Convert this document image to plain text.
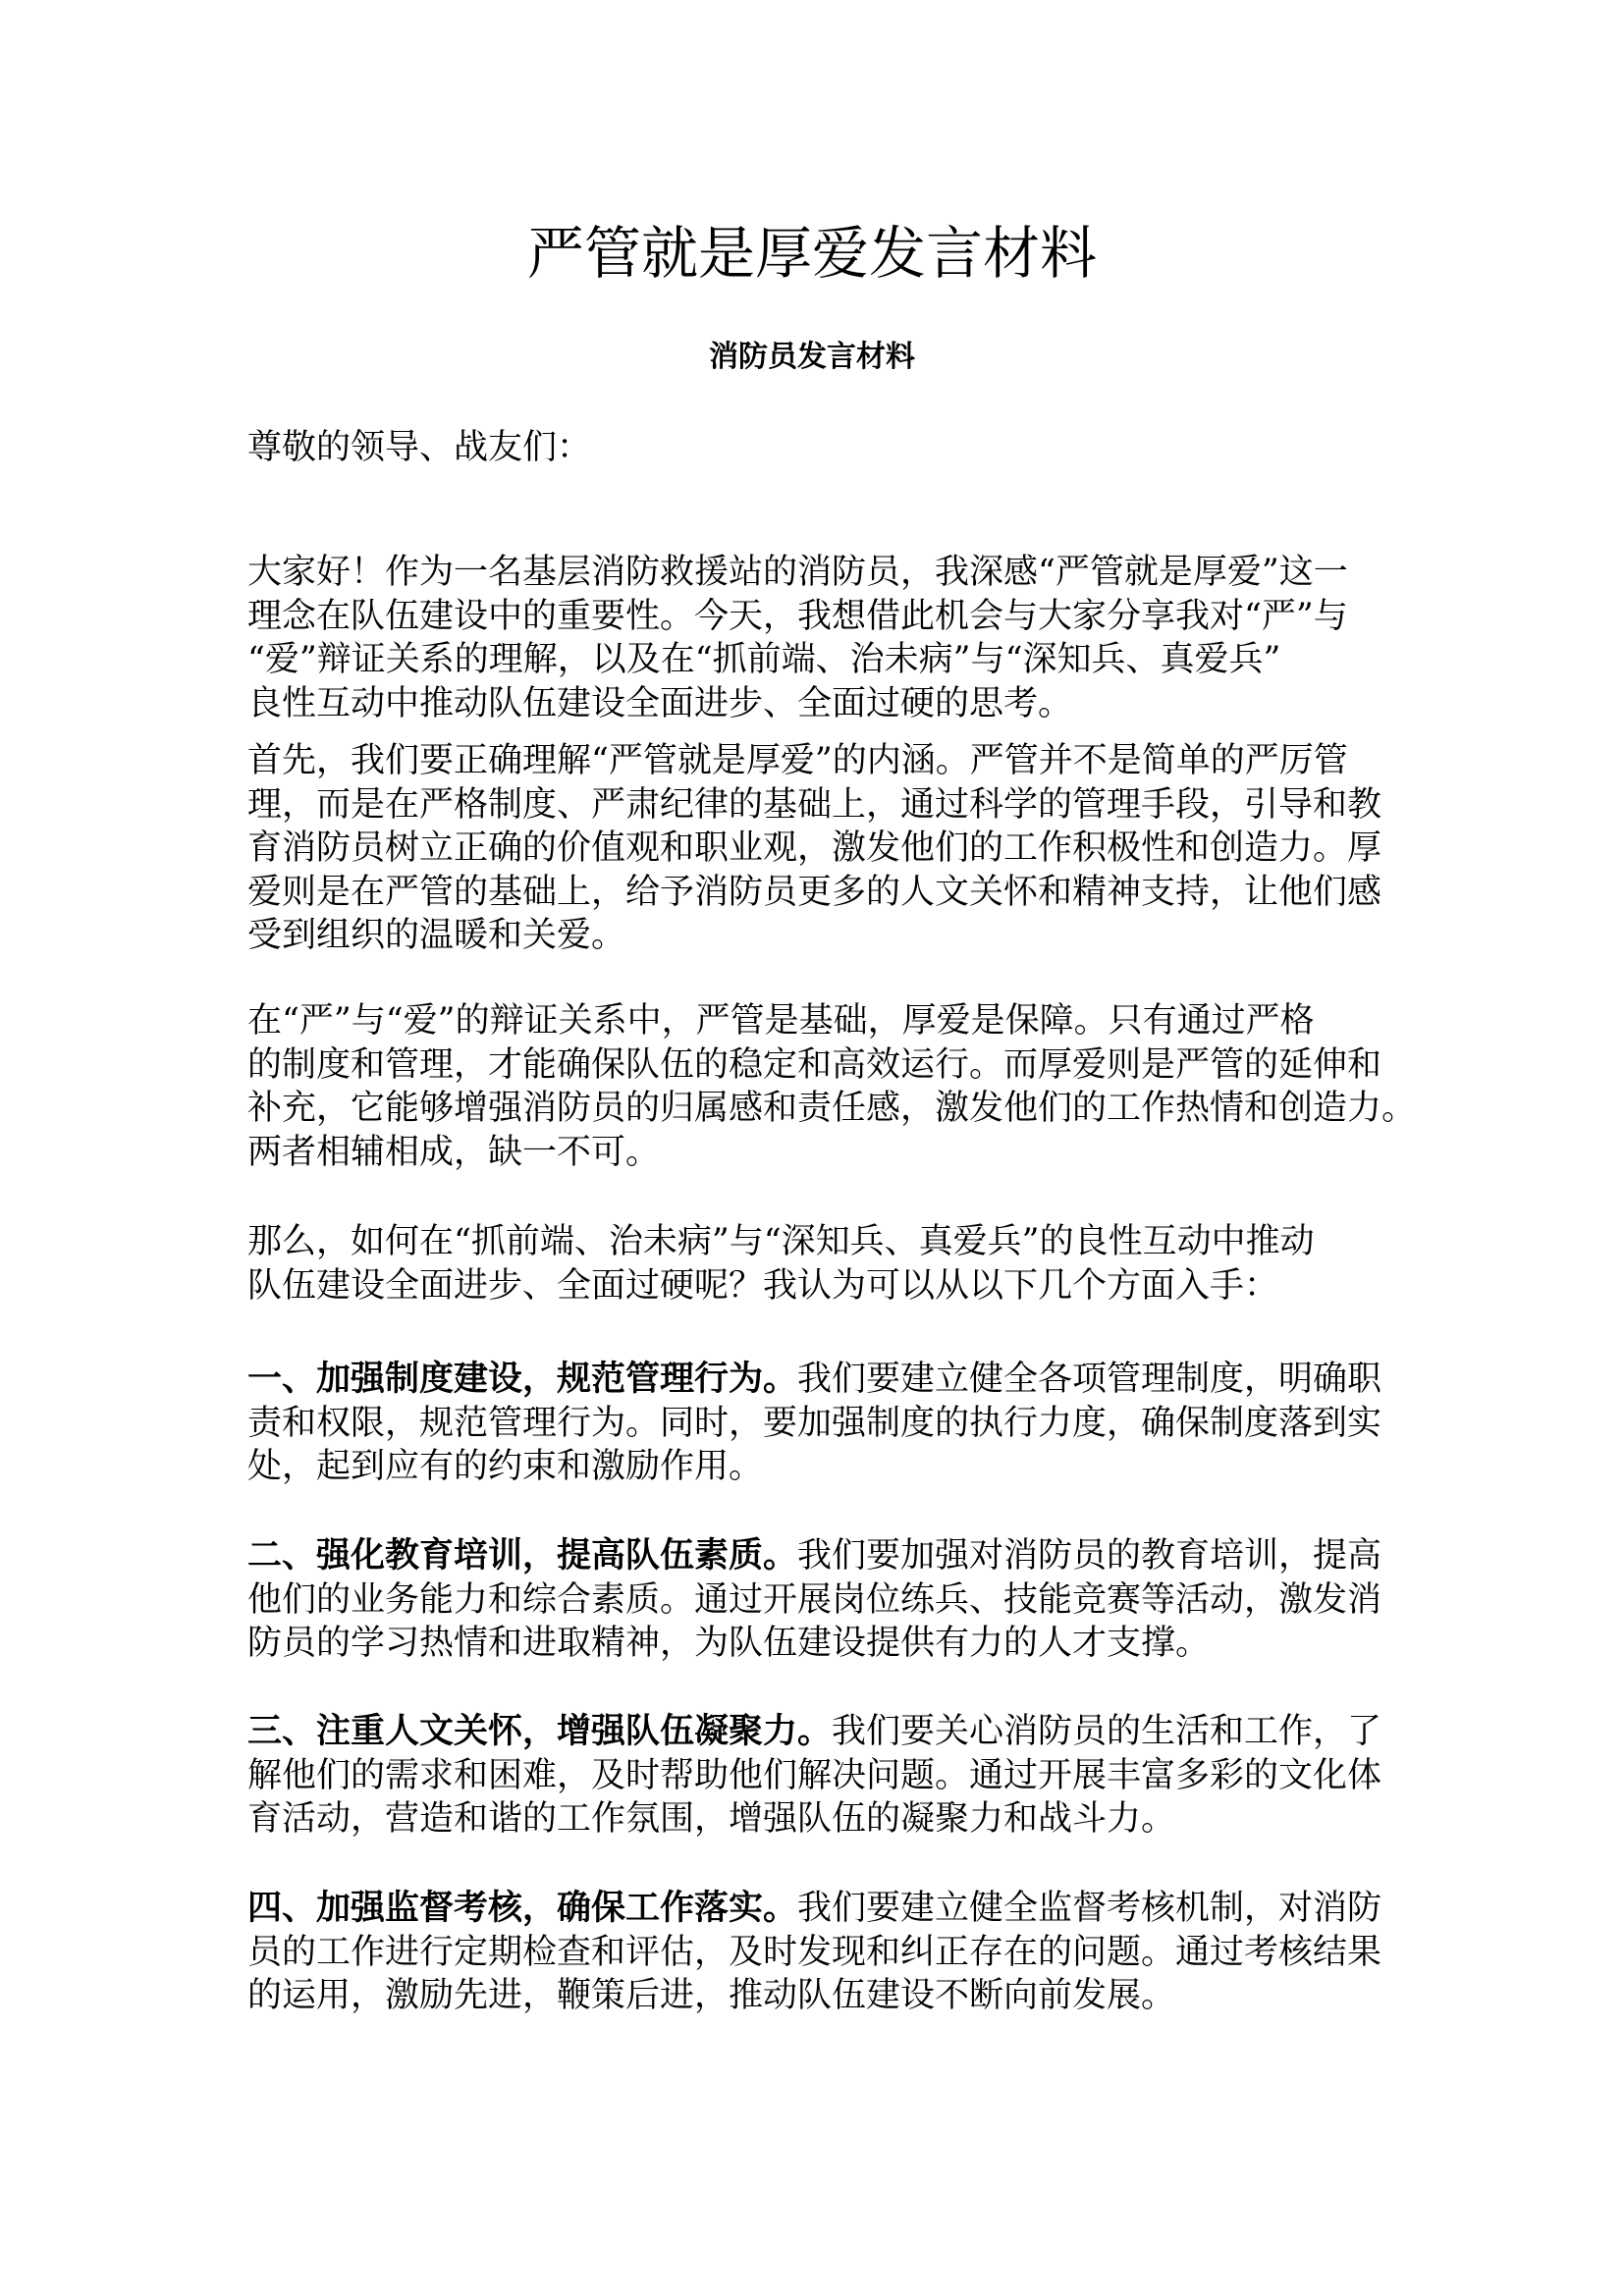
严管就是厚爱发言材料
消防员发言材料
尊敬的领导、战友们：
大家好！作为一名基层消防救援站的消防员，我深感“严管就是厚爱”这一
理念在队伍建设中的重要性。今天，我想借此机会与大家分享我对“严”与
“爱”辩证关系的理解，以及在“抓前端、治未病”与“深知兵、真爱兵”
良性互动中推动队伍建设全面进步、全面过硬的思考。
首先，我们要正确理解“严管就是厚爱”的内涵。严管并不是简单的严厉管
理，而是在严格制度、严肃纪律的基础上，通过科学的管理手段，引导和教
育消防员树立正确的价值观和职业观，激发他们的工作积极性和创造力。厚
爱则是在严管的基础上，给予消防员更多的人文关怀和精神支持，让他们感
受到组织的温暖和关爱。
在“严”与“爱”的辩证关系中，严管是基础，厚爱是保障。只有通过严格
的制度和管理，才能确保队伍的稳定和高效运行。而厚爱则是严管的延伸和
补充，它能够增强消防员的归属感和责任感，激发他们的工作热情和创造力。
两者相辅相成，缺一不可。
那么，如何在“抓前端、治未病”与“深知兵、真爱兵”的良性互动中推动
队伍建设全面进步、全面过硬呢？我认为可以从以下几个方面入手：
一、加强制度建设，规范管理行为。我们要建立健全各项管理制度，明确职
责和权限，规范管理行为。同时，要加强制度的执行力度，确保制度落到实
处，起到应有的约束和激励作用。
二、强化教育培训，提高队伍素质。我们要加强对消防员的教育培训，提高
他们的业务能力和综合素质。通过开展岗位练兵、技能竞赛等活动，激发消
防员的学习热情和进取精神，为队伍建设提供有力的人才支撑。
三、注重人文关怀，增强队伍凝聚力。我们要关心消防员的生活和工作，了
解他们的需求和困难，及时帮助他们解决问题。通过开展丰富多彩的文化体
育活动，营造和谐的工作氛围，增强队伍的凝聚力和战斗力。
四、加强监督考核，确保工作落实。我们要建立健全监督考核机制，对消防
员的工作进行定期检查和评估，及时发现和纠正存在的问题。通过考核结果
的运用，激励先进，鞭策后进，推动队伍建设不断向前发展。
